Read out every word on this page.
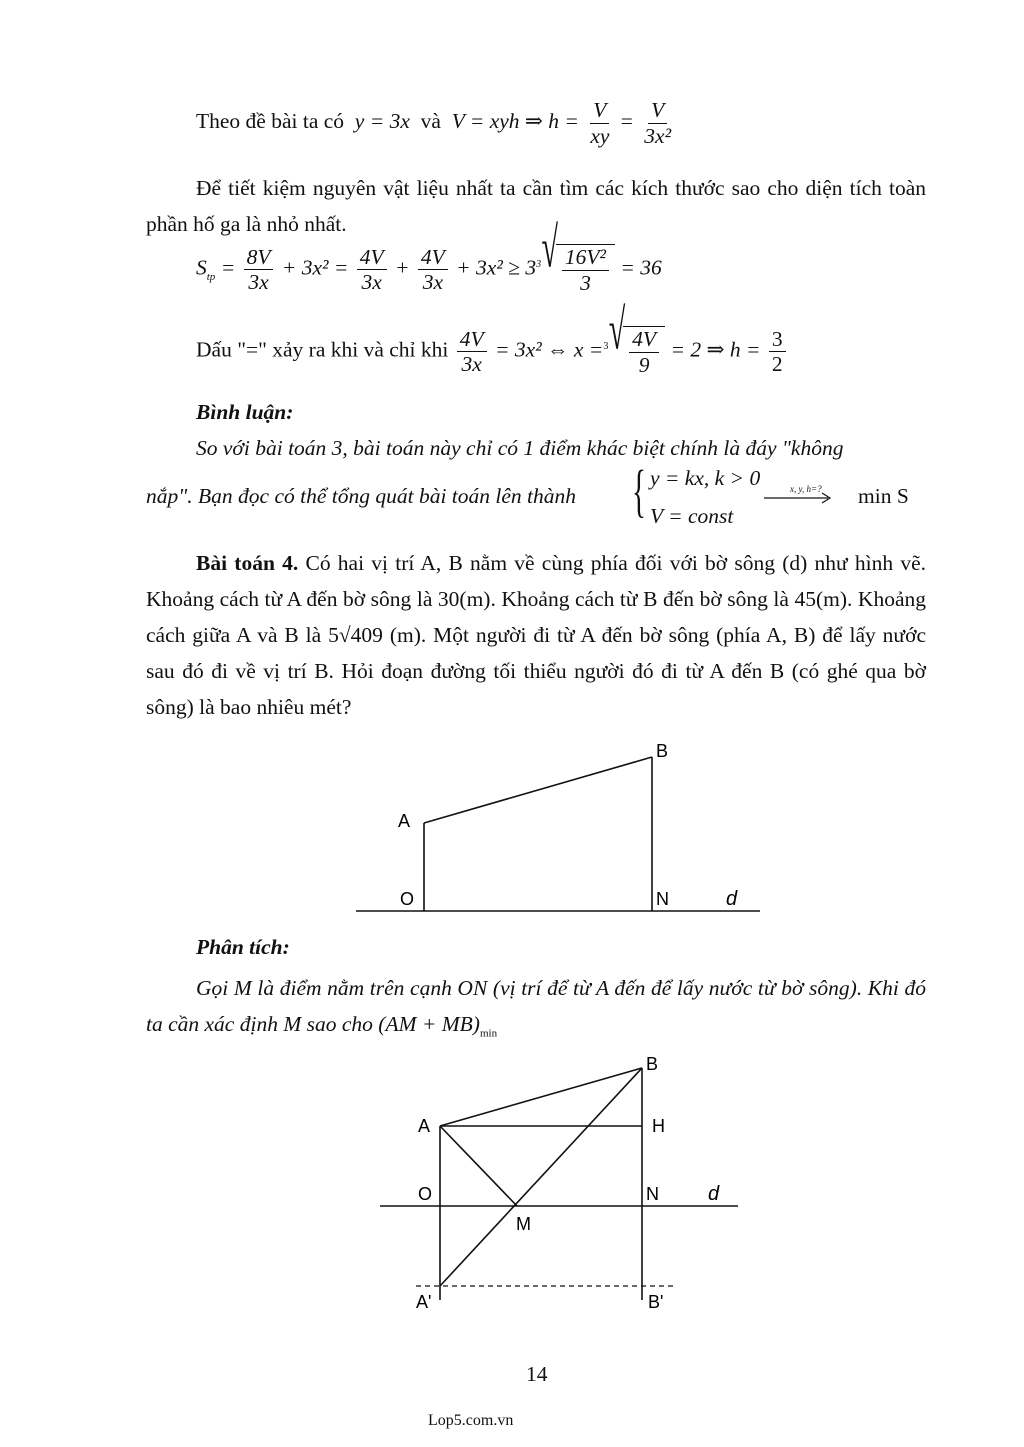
Theo đề bài ta có y = 3x và V = xyh ⇒ $h = \frac{V}{xy} = \frac{V}{\text{3x²}}$
Để tiết kiệm nguyên vật liệu nhất ta cần tìm các kích thước sao cho diện tích toàn phần hố ga là nhỏ nhất.
$S_{tp} = \frac{8V}{3x} + 3x^2 = \frac{4V}{3x} + \frac{4V}{3x} + 3x^2 \ge 3^3$ √ $\frac{\text{16V²}}{3} = 36$
Dấu "=" xảy ra khi và chỉ khi $\frac{4V}{3x} = 3x^2$ ⇔ x =$^3$ √ $\frac{4V}{9} = 2$ ⇒ $h = \frac{3}{2}$
Bình luận:
So với bài toán 3, bài toán này chỉ có 1 điểm khác biệt chính là đáy "không
nắp". Bạn đọc có thể tổng quát bài toán lên thành { y = kx, k > 0
V = const
x, y, h=? min S
Bài toán 4. Có hai vị trí A, B nằm về cùng phía đối với bờ sông (d) như hình vẽ. Khoảng cách từ A đến bờ sông là 30(m). Khoảng cách từ B đến bờ sông là 45(m). Khoảng cách giữa A và B là 5√409 (m). Một người đi từ A đến bờ sông (phía A, B) để lấy nước sau đó đi về vị trí B. Hỏi đoạn đường tối thiểu người đó đi từ A đến B (có ghé qua bờ sông) là bao nhiêu mét?
A
B
O	N	d
Phân tích:
Gọi M là điểm nằm trên cạnh ON (vị trí để từ A đến để lấy nước từ bờ sông). Khi đó ta cần xác định M sao cho $(AM + MB)_{min}$
A
B
H
O	N d
M
A'	B'
14
Lop5.com.vn
